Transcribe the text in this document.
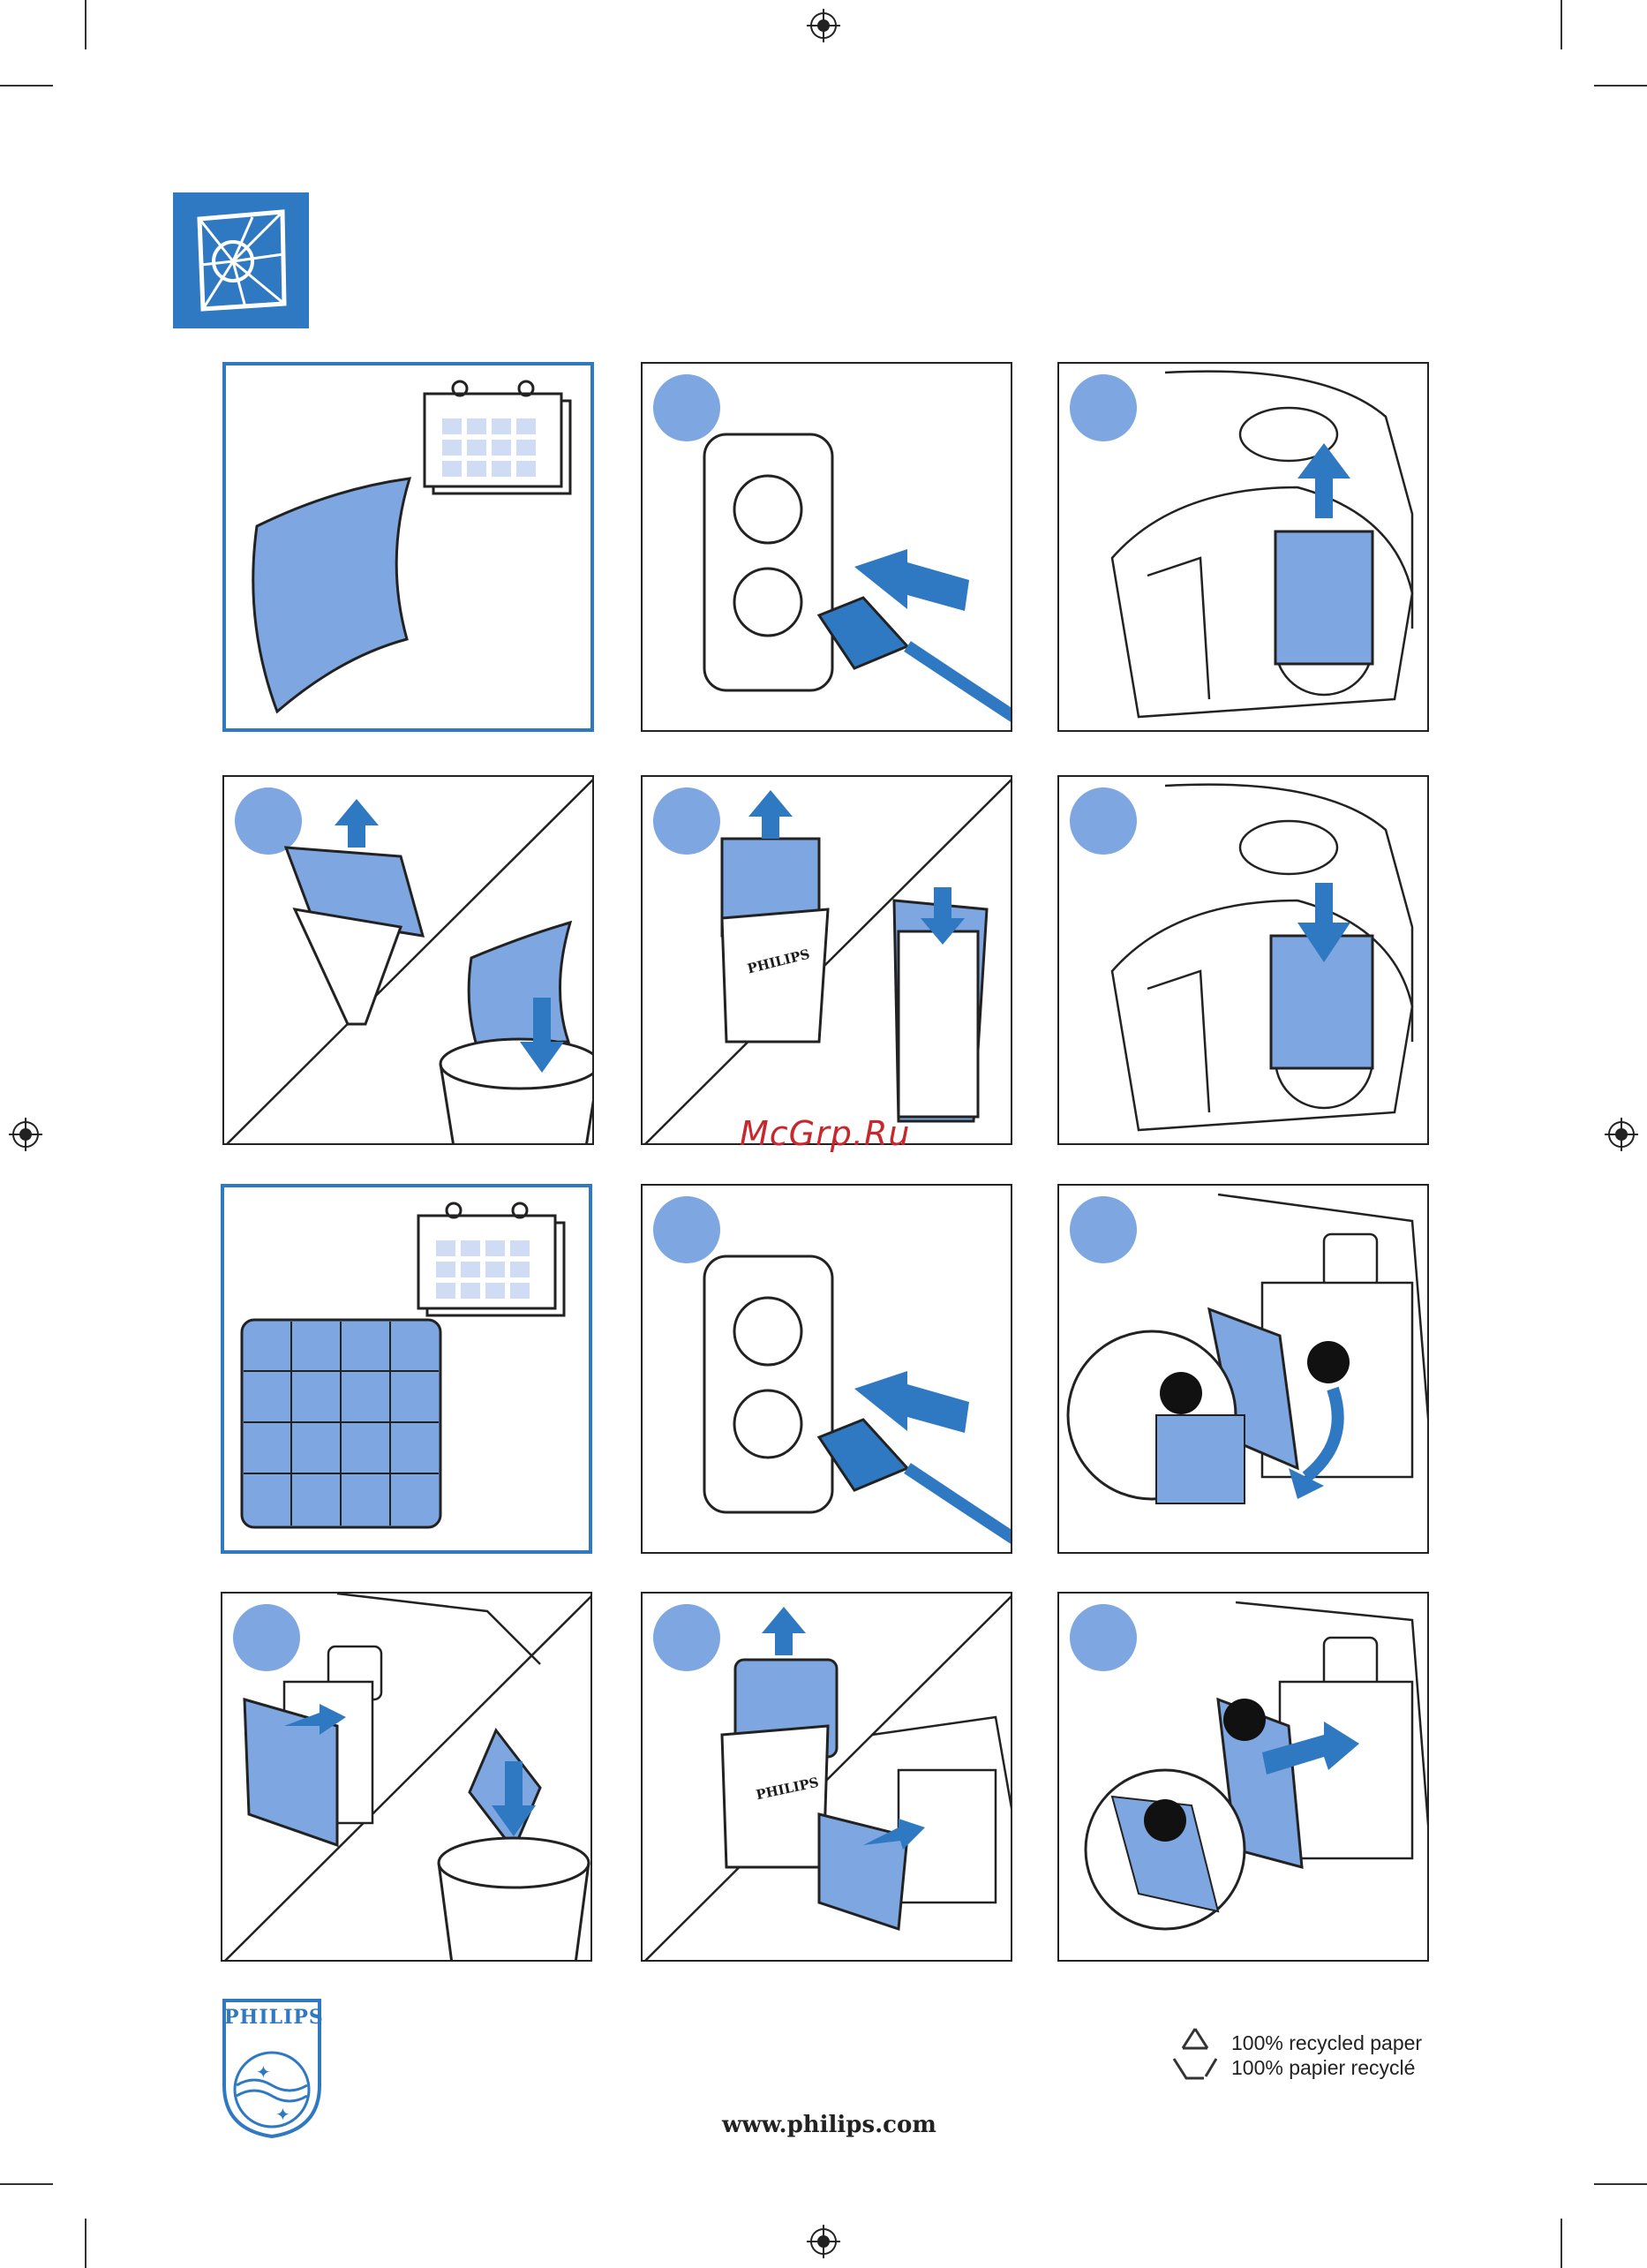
PHILIPS
PHILIPS
McGrp.Ru
✦
✦
PHILIPS
100% recycled paper
100% papier recyclé
www.philips.com
